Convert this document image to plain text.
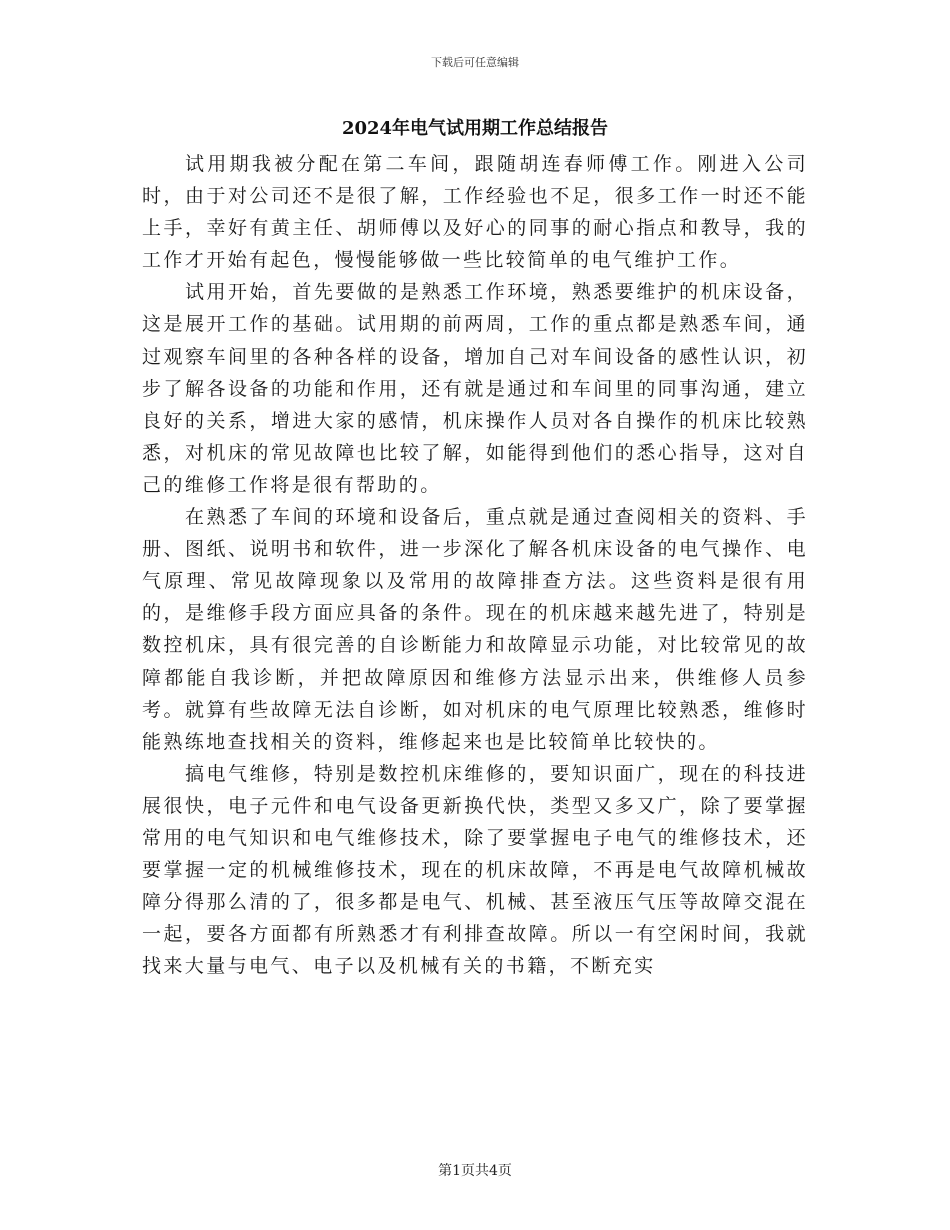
下载后可任意编辑
2024年电气试用期工作总结报告

试用期我被分配在第二车间，跟随胡连春师傅工作。刚进入公司时，由于对公司还不是很了解，工作经验也不足，很多工作一时还不能上手，幸好有黄主任、胡师傅以及好心的同事的耐心指点和教导，我的工作才开始有起色，慢慢能够做一些比较简单的电气维护工作。

试用开始，首先要做的是熟悉工作环境，熟悉要维护的机床设备，这是展开工作的基础。试用期的前两周，工作的重点都是熟悉车间，通过观察车间里的各种各样的设备，增加自己对车间设备的感性认识，初步了解各设备的功能和作用，还有就是通过和车间里的同事沟通，建立良好的关系，增进大家的感情，机床操作人员对各自操作的机床比较熟悉，对机床的常见故障也比较了解，如能得到他们的悉心指导，这对自己的维修工作将是很有帮助的。

在熟悉了车间的环境和设备后，重点就是通过查阅相关的资料、手册、图纸、说明书和软件，进一步深化了解各机床设备的电气操作、电气原理、常见故障现象以及常用的故障排查方法。这些资料是很有用的，是维修手段方面应具备的条件。现在的机床越来越先进了，特别是数控机床，具有很完善的自诊断能力和故障显示功能，对比较常见的故障都能自我诊断，并把故障原因和维修方法显示出来，供维修人员参考。就算有些故障无法自诊断，如对机床的电气原理比较熟悉，维修时能熟练地查找相关的资料，维修起来也是比较简单比较快的。

搞电气维修，特别是数控机床维修的，要知识面广，现在的科技进展很快，电子元件和电气设备更新换代快，类型又多又广，除了要掌握常用的电气知识和电气维修技术，除了要掌握电子电气的维修技术，还要掌握一定的机械维修技术，现在的机床故障，不再是电气故障机械故障分得那么清的了，很多都是电气、机械、甚至液压气压等故障交混在一起，要各方面都有所熟悉才有利排查故障。所以一有空闲时间，我就找来大量与电气、电子以及机械有关的书籍，不断充实

第1页共4页
